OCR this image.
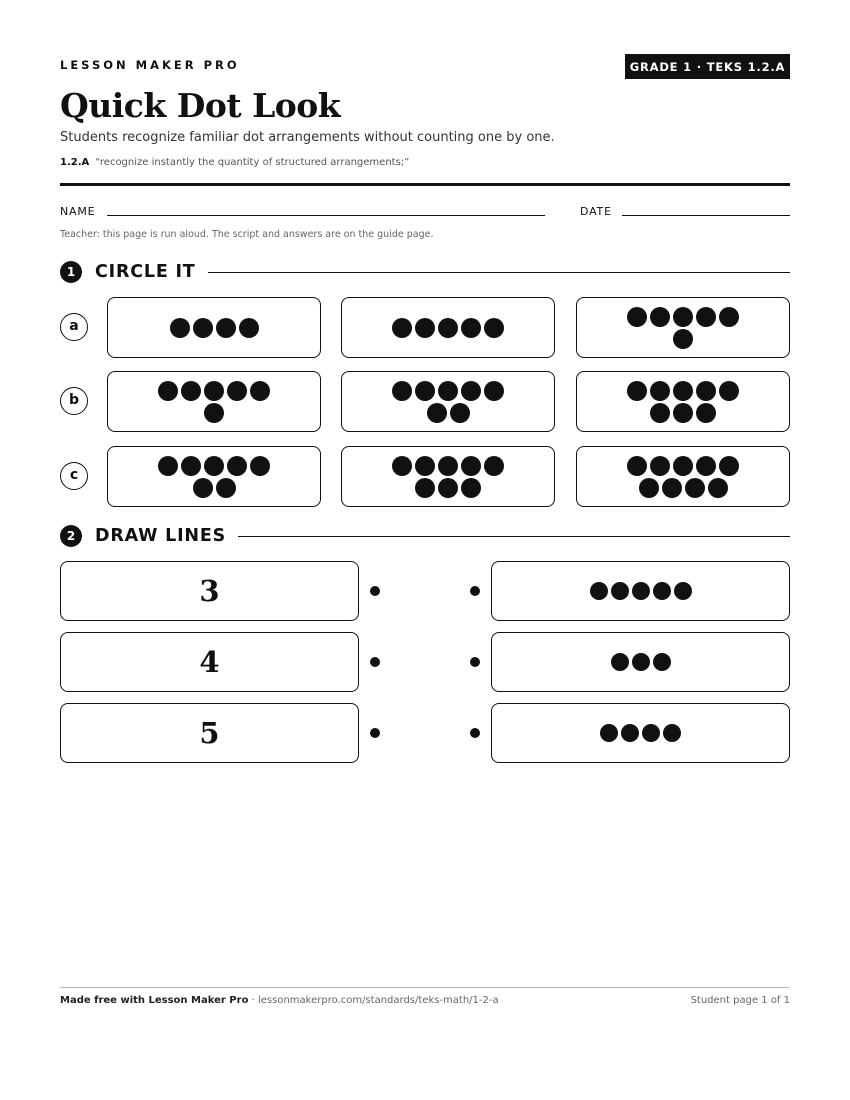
LESSON MAKER PRO	GRADE 1 · TEKS 1.2.A
Quick Dot Look

Students recognize familiar dot arrangements without counting one by one.

1.2.A “recognize instantly the quantity of structured arrangements;”

NAME	DATE
Teacher: this page is run aloud. The script and answers are on the guide page.
1	CIRCLE IT
a
b
c
2	DRAW LINES
3
4
5
Made free with Lesson Maker Pro · lessonmakerpro.com/standards/teks-math/1-2-a	Student page 1 of 1
